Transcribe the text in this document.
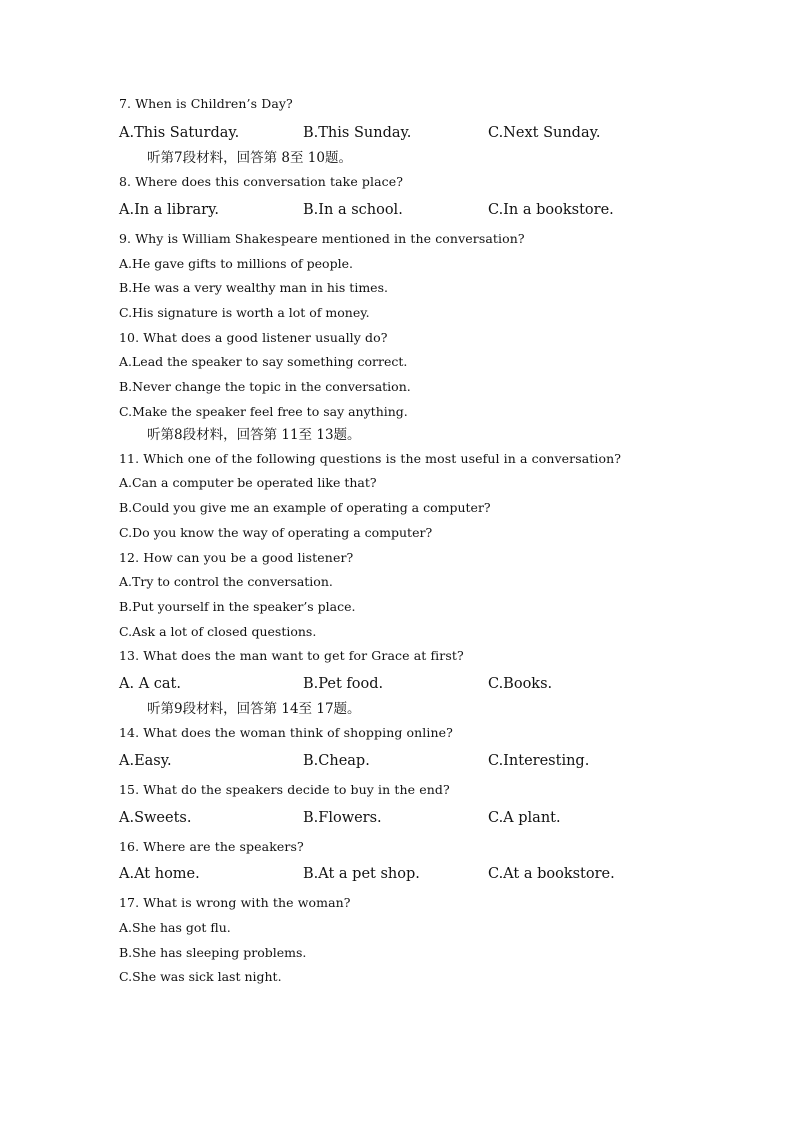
7. When is Children’s Day?
A.This Saturday.	B.This Sunday.	C.Next Sunday.
听第7段材料，回答第 8至 10题。
8. Where does this conversation take place?
A.In a library.	B.In a school.	C.In a bookstore.
9. Why is William Shakespeare mentioned in the conversation?
A.He gave gifts to millions of people.
B.He was a very wealthy man in his times.
C.His signature is worth a lot of money.
10. What does a good listener usually do?
A.Lead the speaker to say something correct.
B.Never change the topic in the conversation.
C.Make the speaker feel free to say anything.
听第8段材料，回答第 11至 13题。
11. Which one of the following questions is the most useful in a conversation?
A.Can a computer be operated like that?
B.Could you give me an example of operating a computer?
C.Do you know the way of operating a computer?
12. How can you be a good listener?
A.Try to control the conversation.
B.Put yourself in the speaker’s place.
C.Ask a lot of closed questions.
13. What does the man want to get for Grace at first?
A. A cat.	B.Pet food.	C.Books.
听第9段材料，回答第 14至 17题。
14. What does the woman think of shopping online?
A.Easy.	B.Cheap.	C.Interesting.
15. What do the speakers decide to buy in the end?
A.Sweets.	B.Flowers.	C.A plant.
16. Where are the speakers?
A.At home.	B.At a pet shop.	C.At a bookstore.
17. What is wrong with the woman?
A.She has got flu.
B.She has sleeping problems.
C.She was sick last night.
